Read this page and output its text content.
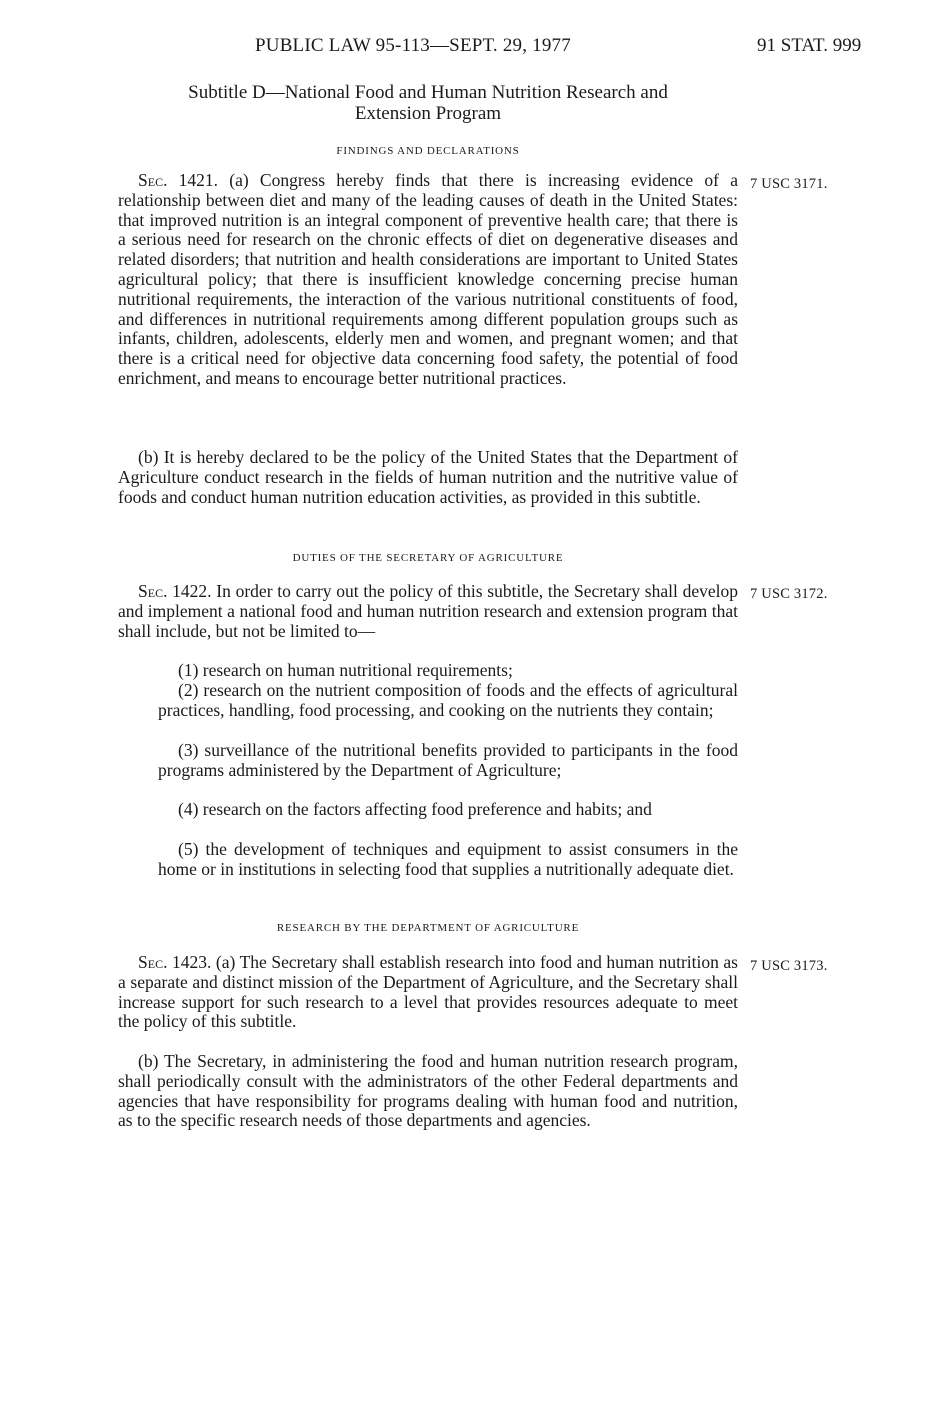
PUBLIC LAW 95-113—SEPT. 29, 1977	91 STAT. 999
Subtitle D—National Food and Human Nutrition Research and
Extension Program
FINDINGS AND DECLARATIONS
Sec. 1421. (a) Congress hereby finds that there is increasing evidence of a relationship between diet and many of the leading causes of death in the United States: that improved nutrition is an integral component of preventive health care; that there is a serious need for research on the chronic effects of diet on degenerative diseases and related disorders; that nutrition and health considerations are important to United States agricultural policy; that there is insufficient knowledge concerning precise human nutritional requirements, the interaction of the various nutritional constituents of food, and differences in nutritional requirements among different population groups such as infants, children, adolescents, elderly men and women, and pregnant women; and that there is a critical need for objective data concerning food safety, the potential of food enrichment, and means to encourage better nutritional practices.
7 USC 3171.
(b) It is hereby declared to be the policy of the United States that the Department of Agriculture conduct research in the fields of human nutrition and the nutritive value of foods and conduct human nutrition education activities, as provided in this subtitle.
DUTIES OF THE SECRETARY OF AGRICULTURE
Sec. 1422. In order to carry out the policy of this subtitle, the Secretary shall develop and implement a national food and human nutrition research and extension program that shall include, but not be limited to—
7 USC 3172.
(1) research on human nutritional requirements;
(2) research on the nutrient composition of foods and the effects of agricultural practices, handling, food processing, and cooking on the nutrients they contain;
(3) surveillance of the nutritional benefits provided to participants in the food programs administered by the Department of Agriculture;
(4) research on the factors affecting food preference and habits; and
(5) the development of techniques and equipment to assist consumers in the home or in institutions in selecting food that supplies a nutritionally adequate diet.
RESEARCH BY THE DEPARTMENT OF AGRICULTURE
Sec. 1423. (a) The Secretary shall establish research into food and human nutrition as a separate and distinct mission of the Department of Agriculture, and the Secretary shall increase support for such research to a level that provides resources adequate to meet the policy of this subtitle.
7 USC 3173.
(b) The Secretary, in administering the food and human nutrition research program, shall periodically consult with the administrators of the other Federal departments and agencies that have responsibility for programs dealing with human food and nutrition, as to the specific research needs of those departments and agencies.
